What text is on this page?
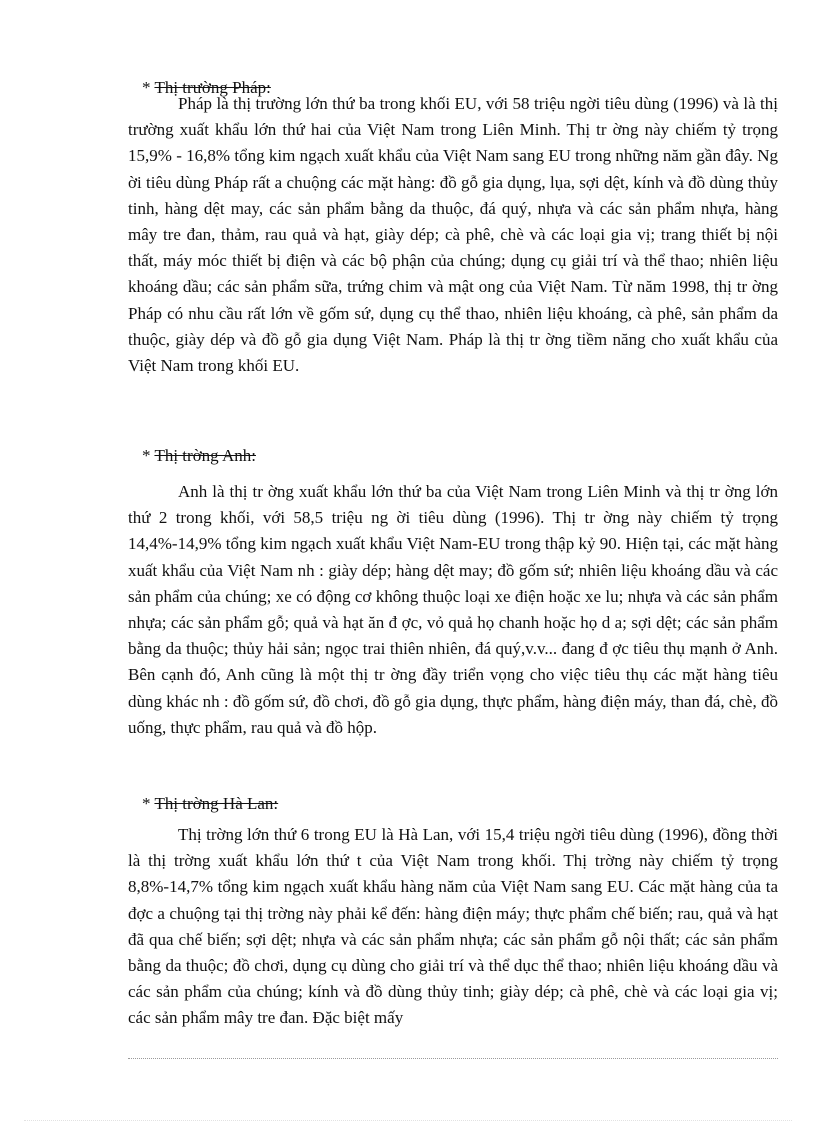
* Thị trường Pháp:

Pháp là thị trường lớn thứ ba trong khối EU, với 58 triệu ngời tiêu dùng (1996) và là thị trường xuất khẩu lớn thứ hai của Việt Nam trong Liên Minh. Thị tr ờng này chiếm tỷ trọng 15,9% - 16,8% tổng kim ngạch xuất khẩu của Việt Nam sang EU trong những năm gần đây. Ng ời tiêu dùng Pháp rất a chuộng các mặt hàng: đồ gỗ gia dụng, lụa, sợi dệt, kính và đồ dùng thủy tinh, hàng dệt may, các sản phẩm bằng da thuộc, đá quý, nhựa và các sản phẩm nhựa, hàng mây tre đan, thảm, rau quả và hạt, giày dép; cà phê, chè và các loại gia vị; trang thiết bị nội thất, máy móc thiết bị điện và các bộ phận của chúng; dụng cụ giải trí và thể thao; nhiên liệu khoáng dầu; các sản phẩm sữa, trứng chim và mật ong của Việt Nam. Từ năm 1998, thị tr ờng Pháp có nhu cầu rất lớn về gốm sứ, dụng cụ thể thao, nhiên liệu khoáng, cà phê, sản phẩm da thuộc, giày dép và đồ gỗ gia dụng Việt Nam. Pháp là thị tr ờng tiềm năng cho xuất khẩu của Việt Nam trong khối EU.

* Thị trờng Anh:

Anh là thị tr ờng xuất khẩu lớn thứ ba của Việt Nam trong Liên Minh và thị tr ờng lớn thứ 2 trong khối, với 58,5 triệu ng ời tiêu dùng (1996). Thị tr ờng này chiếm tỷ trọng 14,4%-14,9% tổng kim ngạch xuất khẩu Việt Nam-EU trong thập kỷ 90. Hiện tại, các mặt hàng xuất khẩu của Việt Nam nh : giày dép; hàng dệt may; đồ gốm sứ; nhiên liệu khoáng dầu và các sản phẩm của chúng; xe có động cơ không thuộc loại xe điện hoặc xe lu; nhựa và các sản phẩm nhựa; các sản phẩm gỗ; quả và hạt ăn đ ợc, vỏ quả họ chanh hoặc họ d a; sợi dệt; các sản phẩm bằng da thuộc; thủy hải sản; ngọc trai thiên nhiên, đá quý,v.v... đang đ ợc tiêu thụ mạnh ở Anh. Bên cạnh đó, Anh cũng là một thị tr ờng đầy triển vọng cho việc tiêu thụ các mặt hàng tiêu dùng khác nh : đồ gốm sứ, đồ chơi, đồ gỗ gia dụng, thực phẩm, hàng điện máy, than đá, chè, đồ uống, thực phẩm, rau quả và đồ hộp.

* Thị trờng Hà Lan:

Thị trờng lớn thứ 6 trong EU là Hà Lan, với 15,4 triệu ngời tiêu dùng (1996), đồng thời là thị trờng xuất khẩu lớn thứ t của Việt Nam trong khối. Thị trờng này chiếm tỷ trọng 8,8%-14,7% tổng kim ngạch xuất khẩu hàng năm của Việt Nam sang EU. Các mặt hàng của ta đợc a chuộng tại thị trờng này phải kể đến: hàng điện máy; thực phẩm chế biến; rau, quả và hạt đã qua chế biến; sợi dệt; nhựa và các sản phẩm nhựa; các sản phẩm gỗ nội thất; các sản phẩm bằng da thuộc; đồ chơi, dụng cụ dùng cho giải trí và thể dục thể thao; nhiên liệu khoáng dầu và các sản phẩm của chúng; kính và đồ dùng thủy tinh; giày dép; cà phê, chè và các loại gia vị; các sản phẩm mây tre đan. Đặc biệt mấy
